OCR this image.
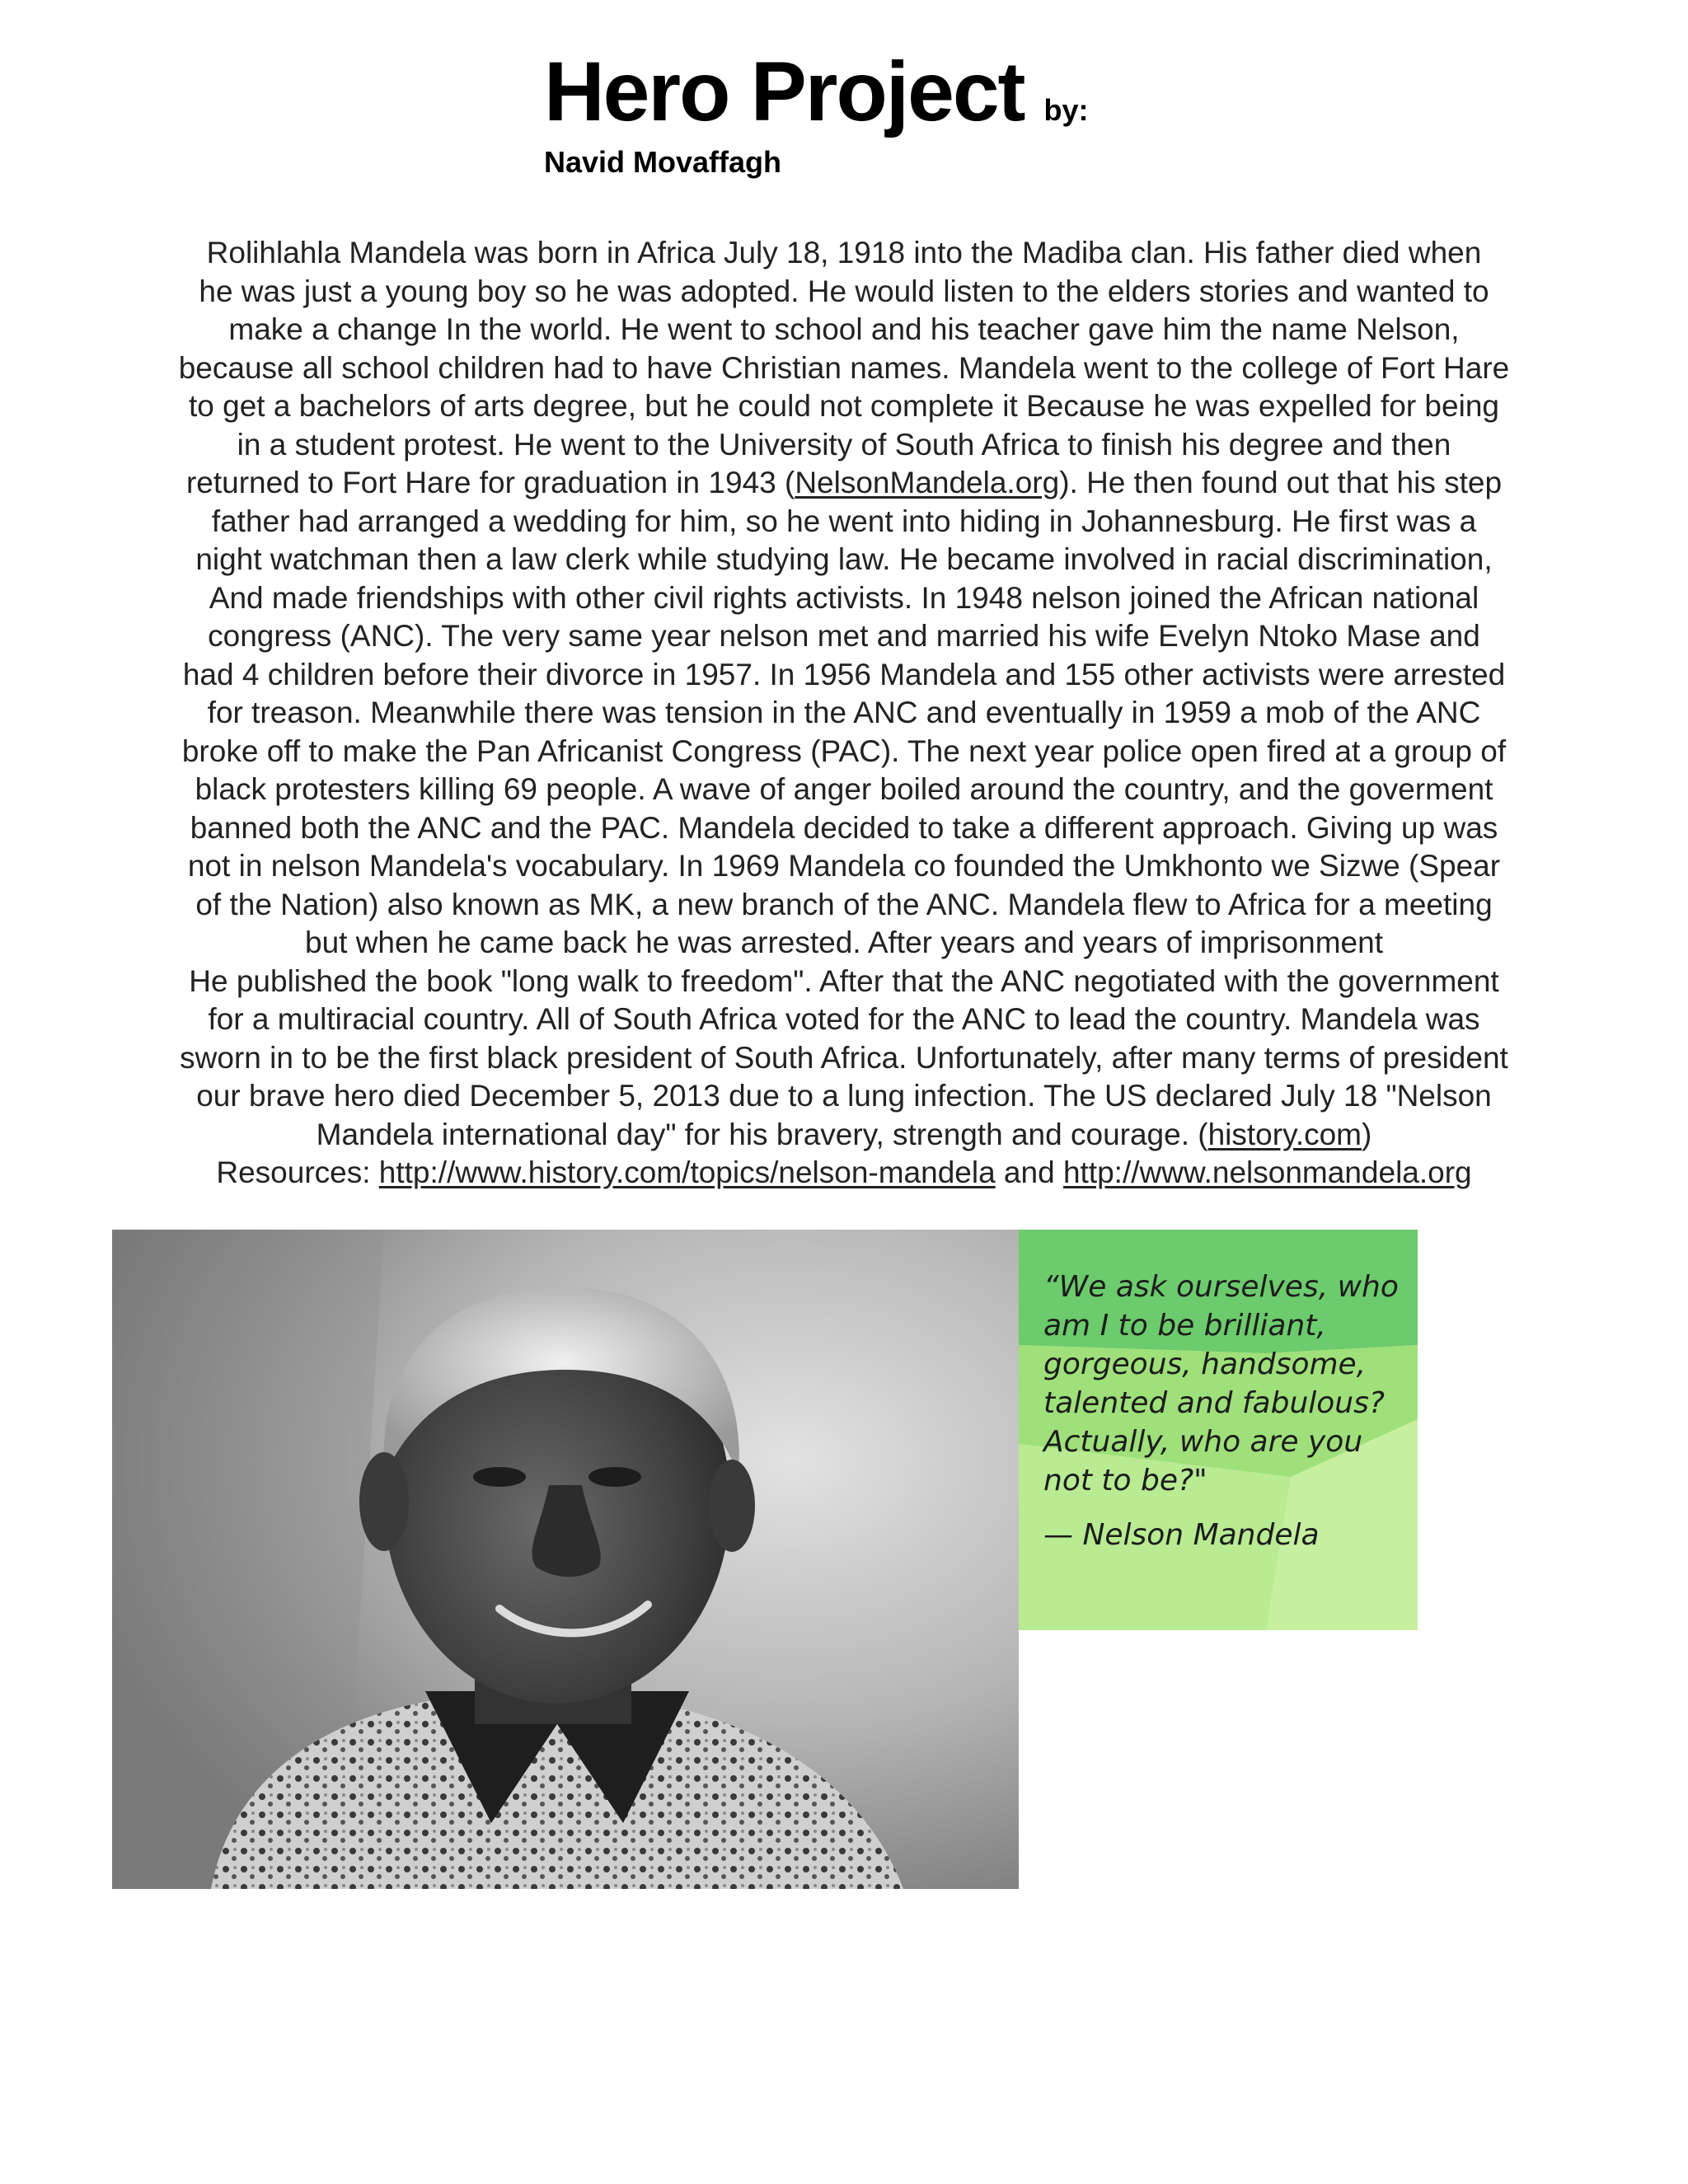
Hero Project by:
Navid Movaffagh

Rolihlahla Mandela was born in Africa July 18, 1918 into the Madiba clan. His father died when

he was just a young boy so he was adopted. He would listen to the elders stories and wanted to

make a change In the world. He went to school and his teacher gave him the name Nelson,

because all school children had to have Christian names. Mandela went to the college of Fort Hare

to get a bachelors of arts degree, but he could not complete it Because he was expelled for being

in a student protest. He went to the University of South Africa to finish his degree and then

returned to Fort Hare for graduation in 1943 (NelsonMandela.org). He then found out that his step

father had arranged a wedding for him, so he went into hiding in Johannesburg. He first was a

night watchman then a law clerk while studying law. He became involved in racial discrimination,

And made friendships with other civil rights activists. In 1948 nelson joined the African national

congress (ANC). The very same year nelson met and married his wife Evelyn Ntoko Mase and

had 4 children before their divorce in 1957. In 1956 Mandela and 155 other activists were arrested

for treason. Meanwhile there was tension in the ANC and eventually in 1959 a mob of the ANC

broke off to make the Pan Africanist Congress (PAC). The next year police open fired at a group of

black protesters killing 69 people. A wave of anger boiled around the country, and the goverment

banned both the ANC and the PAC. Mandela decided to take a different approach. Giving up was

not in nelson Mandela's vocabulary. In 1969 Mandela co founded the Umkhonto we Sizwe (Spear

of the Nation) also known as MK, a new branch of the ANC. Mandela flew to Africa for a meeting

but when he came back he was arrested. After years and years of imprisonment

He published the book "long walk to freedom". After that the ANC negotiated with the government

for a multiracial country. All of South Africa voted for the ANC to lead the country. Mandela was

sworn in to be the first black president of South Africa. Unfortunately, after many terms of president

our brave hero died December 5, 2013 due to a lung infection. The US declared July 18 "Nelson

Mandela international day" for his bravery, strength and courage. (history.com)

Resources: http://www.history.com/topics/nelson-mandela and http://www.nelsonmandela.org

“We ask ourselves, who am I to be brilliant, gorgeous, handsome, talented and fabulous? Actually, who are you not to be?"
— Nelson Mandela
